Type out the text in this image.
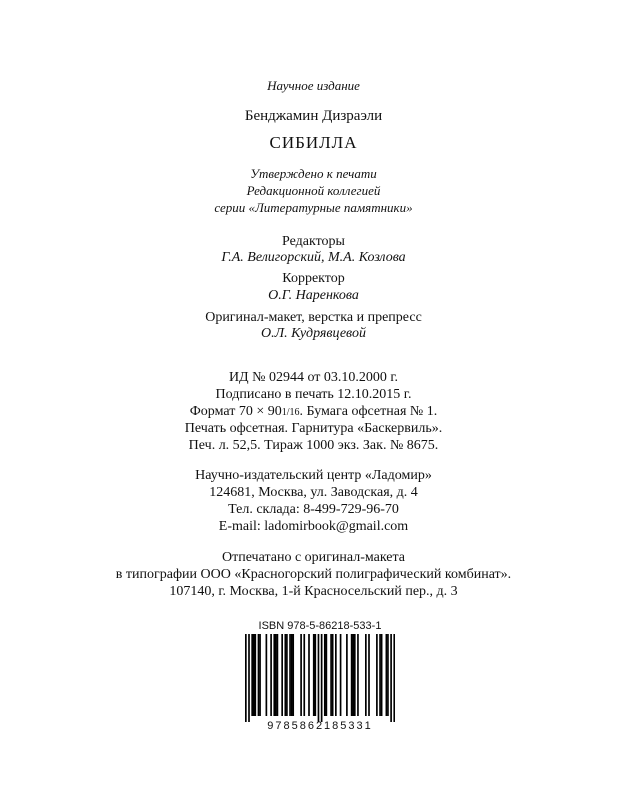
Научное издание
Бенджамин Дизраэли
СИБИЛЛА
Утверждено к печати
Редакционной коллегией
серии «Литературные памятники»
Редакторы
Г.А. Велигорский, М.А. Козлова
Корректор
О.Г. Наренкова
Оригинал-макет, верстка и препресс
О.Л. Кудрявцевой
ИД № 02944 от 03.10.2000 г.
Подписано в печать 12.10.2015 г.
Формат 70 × 901/16. Бумага офсетная № 1.
Печать офсетная. Гарнитура «Баскервиль».
Печ. л. 52,5. Тираж 1000 экз. Зак. № 8675.
Научно-издательский центр «Ладомир»
124681, Москва, ул. Заводская, д. 4
Тел. склада: 8-499-729-96-70
E-mail: ladomirbook@gmail.com
Отпечатано с оригинал-макета
в типографии ООО «Красногорский полиграфический комбинат».
107140, г. Москва, 1-й Красносельский пер., д. 3
ISBN 978-5-86218-533-1
9785862185331
